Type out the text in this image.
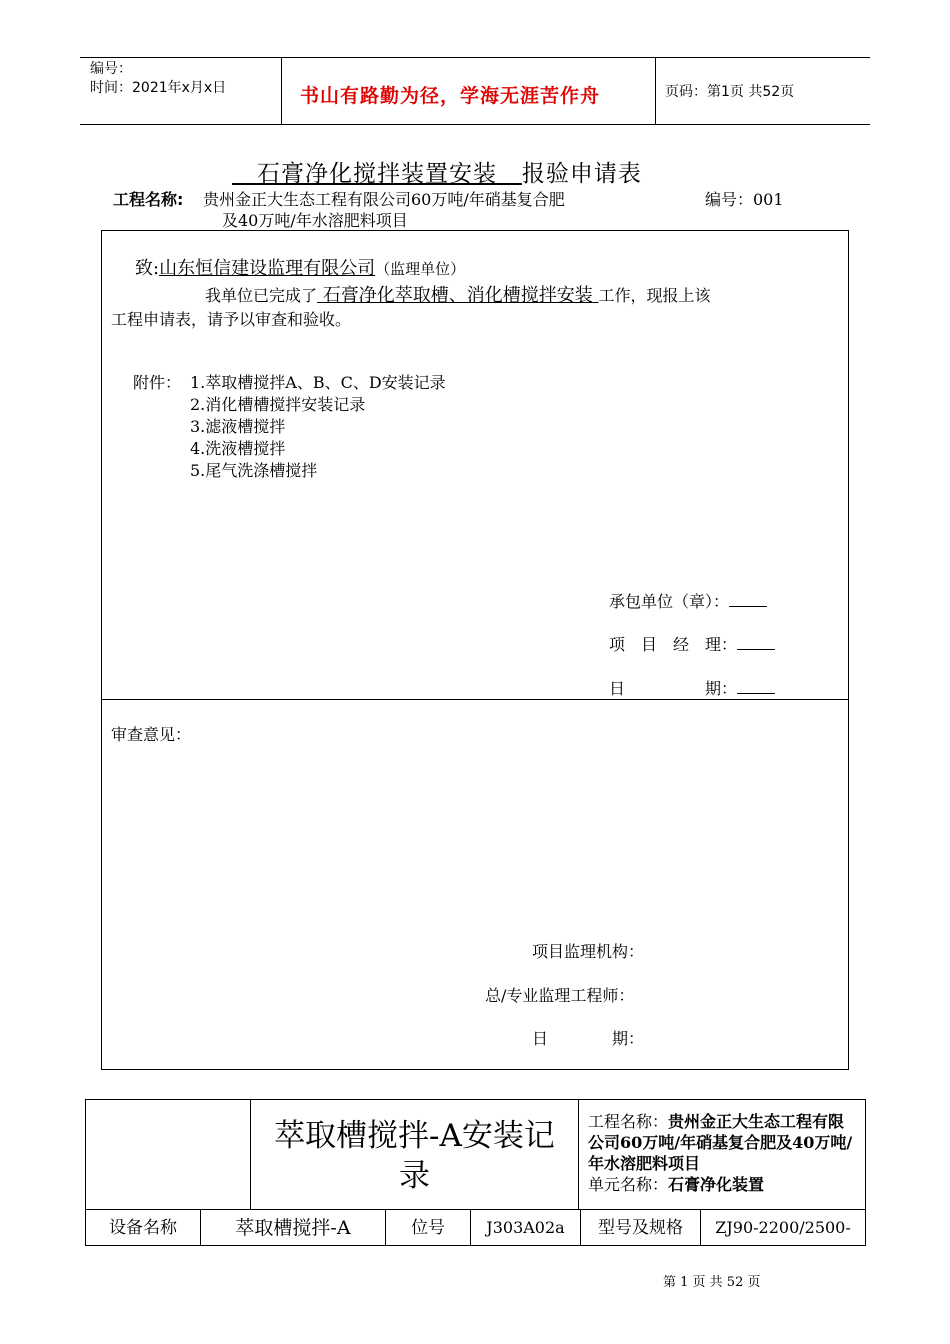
编号：
时间：2021年x月x日	书山有路勤为径，学海无涯苦作舟	页码：第1页 共52页
石膏净化搅拌装置安装 报验申请表
工程名称: 贵州金正大生态工程有限公司60万吨/年硝基复合肥
及40万吨/年水溶肥料项目
编号：001
致:山东恒信建设监理有限公司（监理单位）
我单位已完成了 石膏净化萃取槽、消化槽搅拌安装 工作，现报上该
工程申请表，请予以审查和验收。
附件： 1.萃取槽搅拌A、B、C、D安装记录
2.消化槽槽搅拌安装记录
3.滤液槽搅拌
4.洗液槽搅拌
5.尾气洗涤槽搅拌
承包单位（章）：
项　目　经　理：
日　　　　　期：
审查意见：
项目监理机构：
总/专业监理工程师：
日　　　　期：
萃取槽搅拌-A安装记录
工程名称：贵州金正大生态工程有限公司60万吨/年硝基复合肥及40万吨/年水溶肥料项目
单元名称：石膏净化装置
设备名称	萃取槽搅拌-A	位号	J303A02a	型号及规格	ZJ90-2200/2500-
第 1 页 共 52 页
